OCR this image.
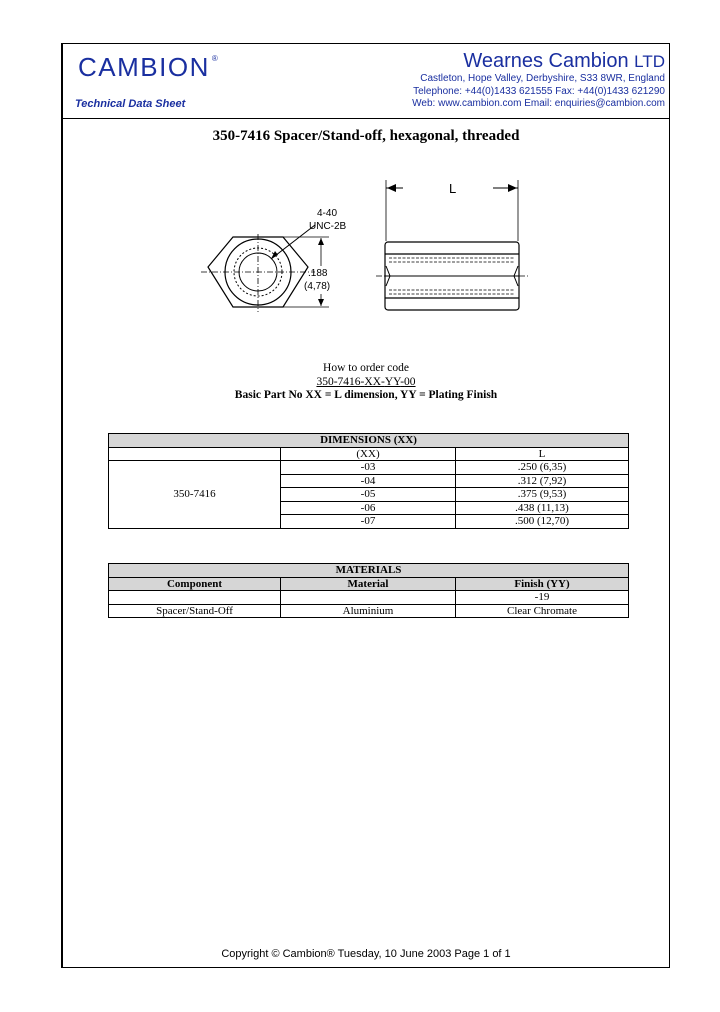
CAMBION ®
Technical Data Sheet
Wearnes Cambion LTD
Castleton, Hope Valley, Derbyshire, S33 8WR, England
Telephone: +44(0)1433 621555 Fax: +44(0)1433 621290
Web: www.cambion.com Email: enquiries@cambion.com
350-7416 Spacer/Stand-off, hexagonal, threaded
4-40
UNC-2B
.188
(4,78)
L
How to order code
350-7416-XX-YY-00
Basic Part No XX = L dimension, YY = Plating Finish
DIMENSIONS (XX)		
	(XX)	L
350-7416	-03	.250 (6,35)
	-04	.312 (7,92)
	-05	.375 (9,53)
	-06	.438 (11,13)
	-07	.500 (12,70)
MATERIALS		
Component	Material	Finish (YY)
		-19
Spacer/Stand-Off	Aluminium	Clear Chromate
Copyright © Cambion® Tuesday, 10 June 2003 Page 1 of 1
